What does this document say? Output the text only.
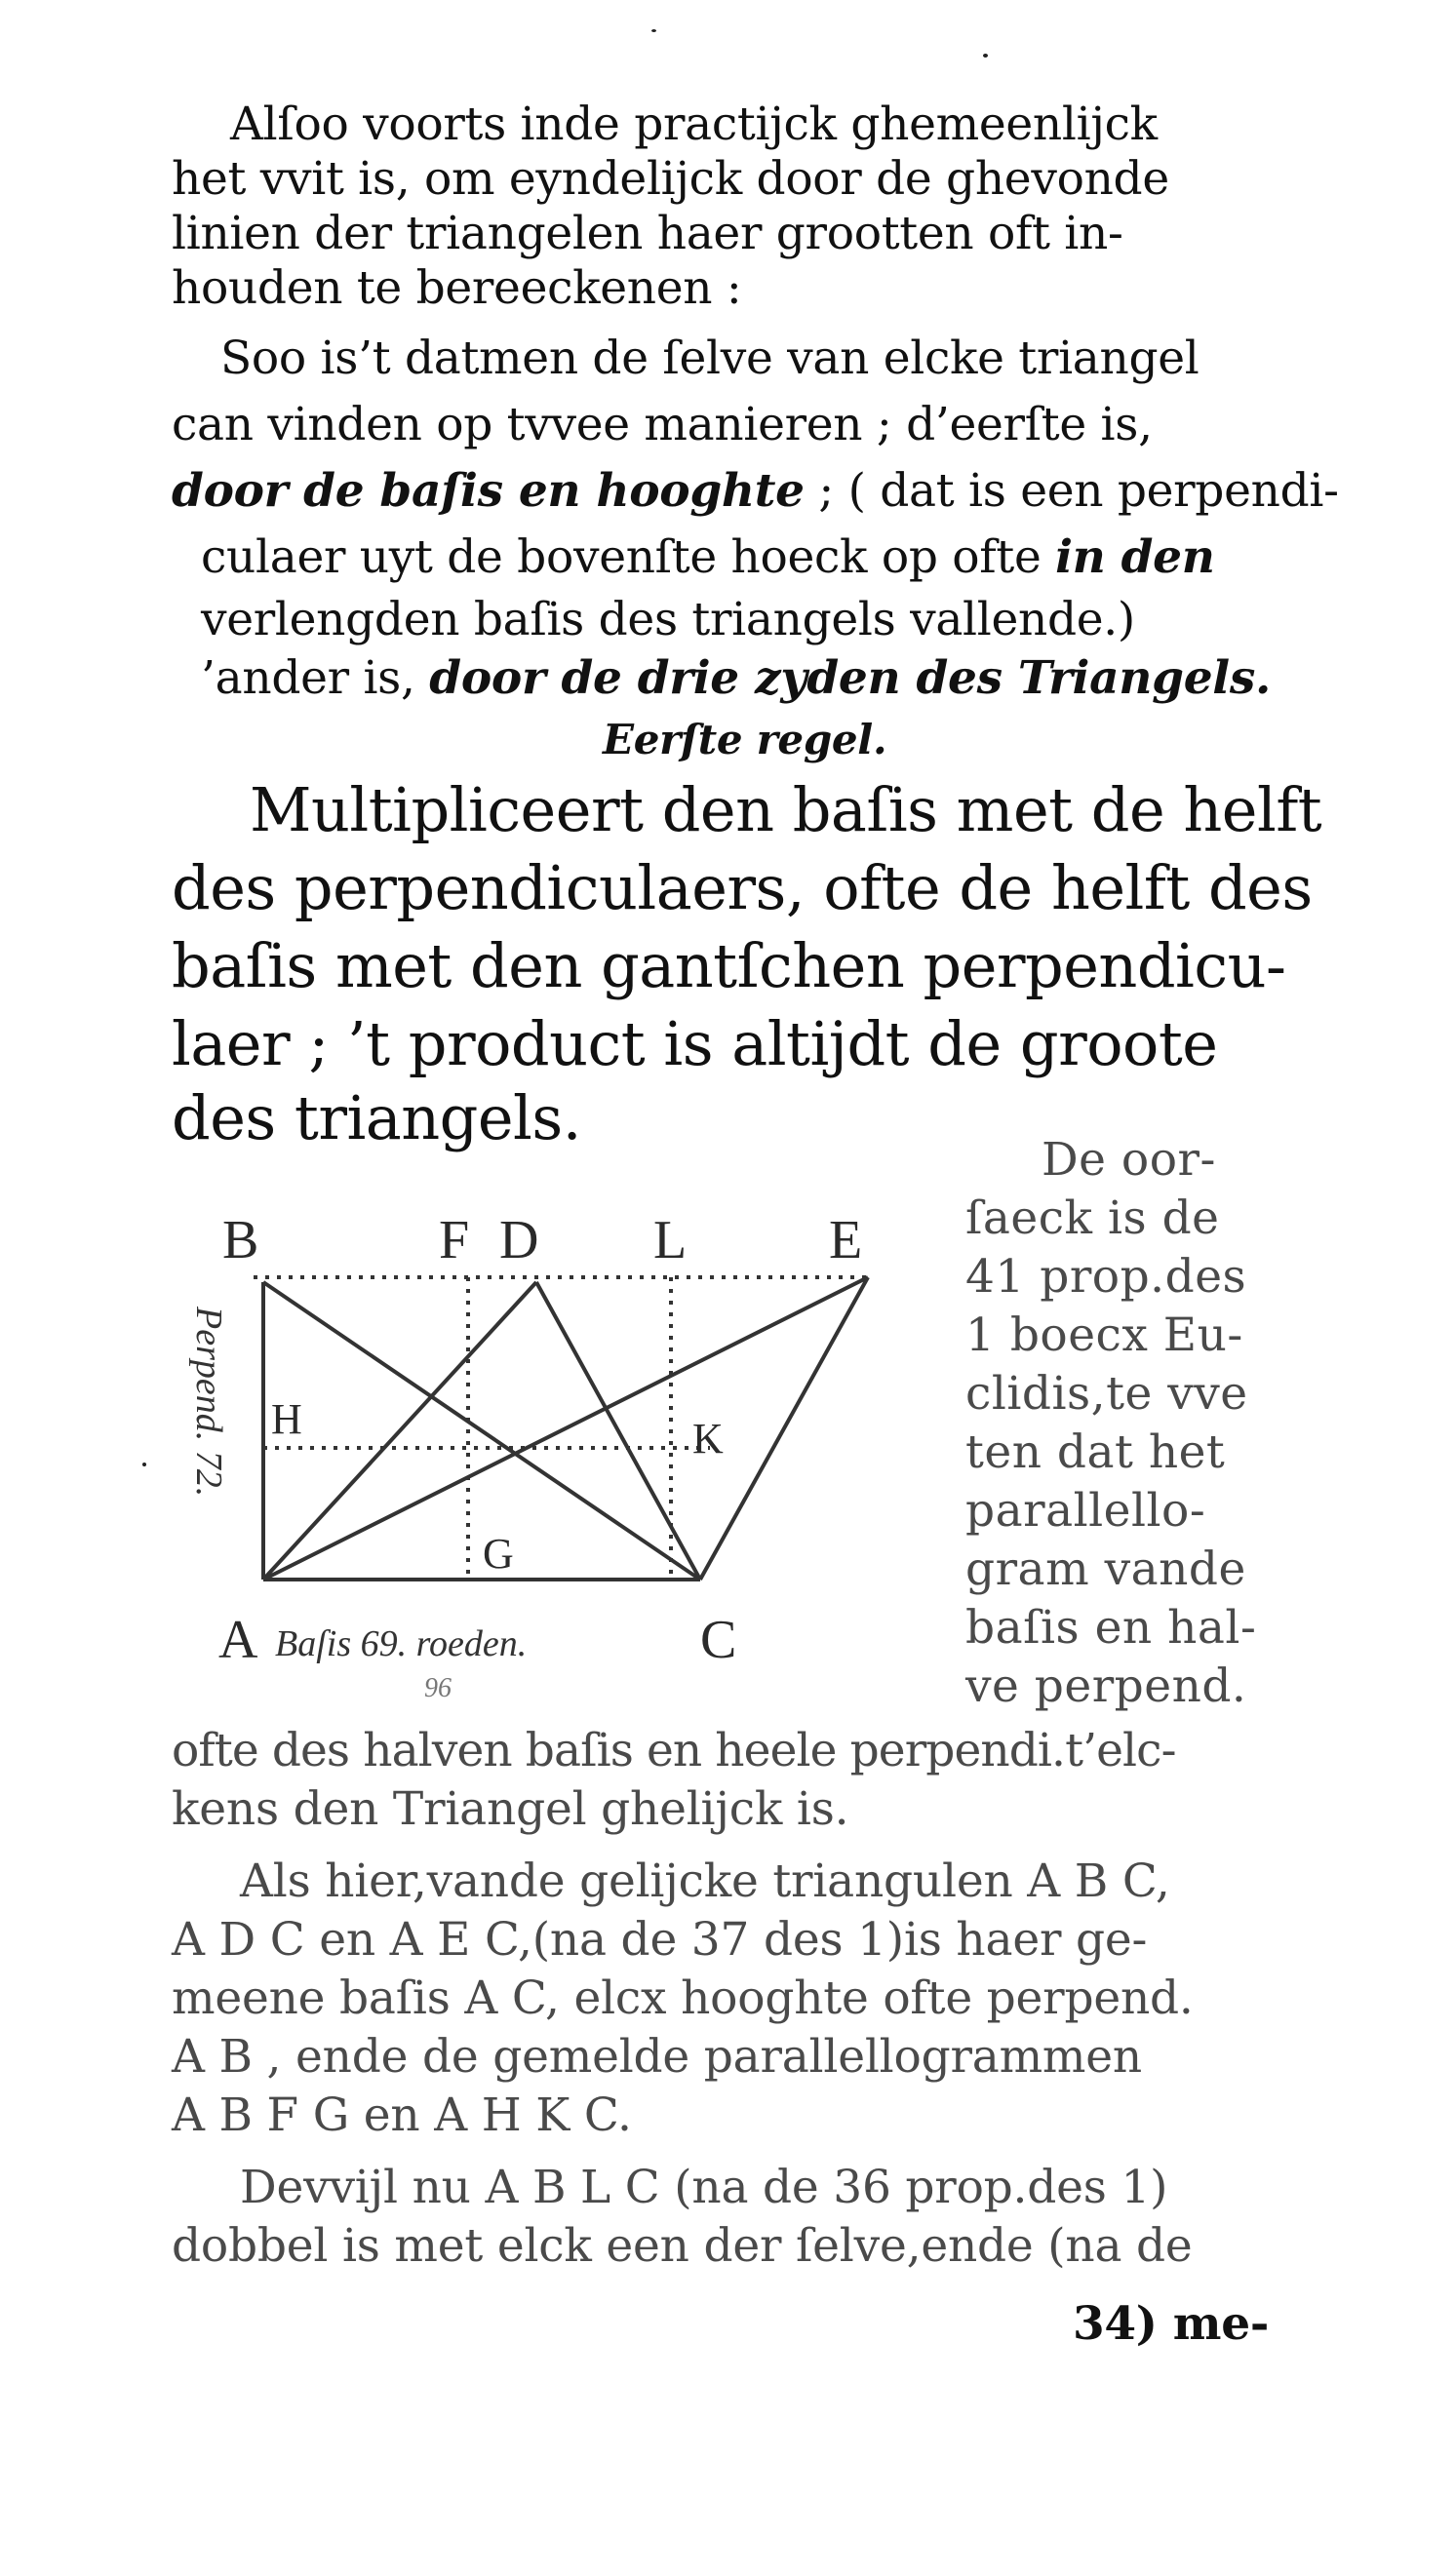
Alſoo voorts inde practijck ghemeenlijck
het vvit is, om eyndelijck door de ghevonde
linien der triangelen haer grootten oft in-
houden te bereeckenen :
Soo is’t datmen de ſelve van elcke triangel
can vinden op tvvee manieren ; d’eerſte is,
door de baſis en hooghte ; ( dat is een perpendi-
culaer uyt de bovenſte hoeck op ofte in den
verlengden baſis des triangels vallende.)
’ander is, door de drie zyden des Triangels.
Eerſte regel.
Multipliceert den baſis met de helft
des perpendiculaers, ofte de helft des
baſis met den gantſchen perpendicu-
laer ; ’t product is altijdt de groote
des triangels.
De oor-
ſaeck is de
41 prop.des
1 boecx Eu-
clidis,te vve
ten dat het
parallello-
gram vande
baſis en hal-
ve perpend.
B	F D L	E
H	K
G
A	C
Perpend. 72.
Baſis 69. roeden.
96
ofte des halven baſis en heele perpendi.t’elc-
kens den Triangel ghelijck is.
Als hier,vande gelijcke triangulen A B C,
A D C en A E C,(na de 37 des 1)is haer ge-
meene baſis A C, elcx hooghte ofte perpend.
A B , ende de gemelde parallellogrammen
A B F G en A H K C.
Devvijl nu A B L C (na de 36 prop.des 1)
dobbel is met elck een der ſelve,ende (na de
34) me-
